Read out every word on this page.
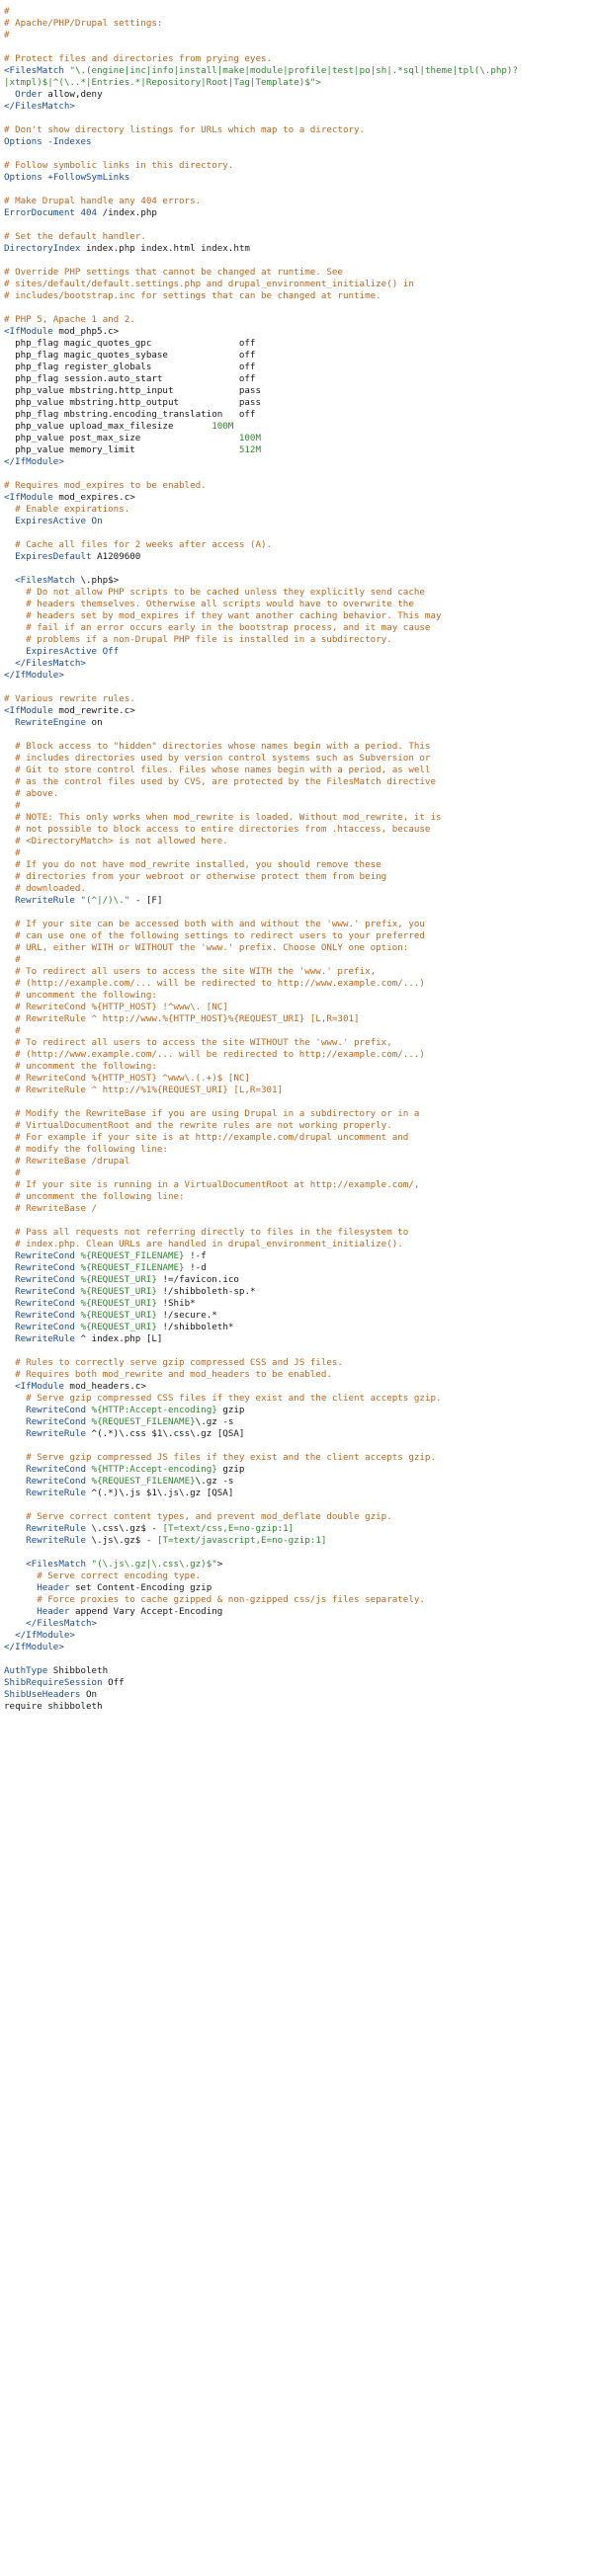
#
# Apache/PHP/Drupal settings:
#
# Protect files and directories from prying eyes.
<FilesMatch "\.(engine|inc|info|install|make|module|profile|test|po|sh|.*sql|theme|tpl(\.php)?
|xtmpl)$|^(\..*|Entries.*|Repository|Root|Tag|Template)$">
Order allow,deny
</FilesMatch>
# Don't show directory listings for URLs which map to a directory.
Options -Indexes
# Follow symbolic links in this directory.
Options +FollowSymLinks
# Make Drupal handle any 404 errors.
ErrorDocument 404 /index.php
# Set the default handler.
DirectoryIndex index.php index.html index.htm
# Override PHP settings that cannot be changed at runtime. See
# sites/default/default.settings.php and drupal_environment_initialize() in
# includes/bootstrap.inc for settings that can be changed at runtime.
# PHP 5, Apache 1 and 2.
<IfModule mod_php5.c>
php_flag magic_quotes_gpc                off
php_flag magic_quotes_sybase             off
php_flag register_globals                off
php_flag session.auto_start              off
php_value mbstring.http_input            pass
php_value mbstring.http_output           pass
php_flag mbstring.encoding_translation   off
php_value upload_max_filesize       100M
php_value post_max_size                  100M
php_value memory_limit                   512M
</IfModule>
# Requires mod_expires to be enabled.
<IfModule mod_expires.c>
# Enable expirations.
ExpiresActive On
# Cache all files for 2 weeks after access (A).
ExpiresDefault A1209600
<FilesMatch \.php$>
# Do not allow PHP scripts to be cached unless they explicitly send cache
# headers themselves. Otherwise all scripts would have to overwrite the
# headers set by mod_expires if they want another caching behavior. This may
# fail if an error occurs early in the bootstrap process, and it may cause
# problems if a non-Drupal PHP file is installed in a subdirectory.
ExpiresActive Off
</FilesMatch>
</IfModule>
# Various rewrite rules.
<IfModule mod_rewrite.c>
RewriteEngine on
# Block access to "hidden" directories whose names begin with a period. This
# includes directories used by version control systems such as Subversion or
# Git to store control files. Files whose names begin with a period, as well
# as the control files used by CVS, are protected by the FilesMatch directive
# above.
#
# NOTE: This only works when mod_rewrite is loaded. Without mod_rewrite, it is
# not possible to block access to entire directories from .htaccess, because
# <DirectoryMatch> is not allowed here.
#
# If you do not have mod_rewrite installed, you should remove these
# directories from your webroot or otherwise protect them from being
# downloaded.
RewriteRule "(^|/)\." - [F]
# If your site can be accessed both with and without the 'www.' prefix, you
# can use one of the following settings to redirect users to your preferred
# URL, either WITH or WITHOUT the 'www.' prefix. Choose ONLY one option:
#
# To redirect all users to access the site WITH the 'www.' prefix,
# (http://example.com/... will be redirected to http://www.example.com/...)
# uncomment the following:
# RewriteCond %{HTTP_HOST} !^www\. [NC]
# RewriteRule ^ http://www.%{HTTP_HOST}%{REQUEST_URI} [L,R=301]
#
# To redirect all users to access the site WITHOUT the 'www.' prefix,
# (http://www.example.com/... will be redirected to http://example.com/...)
# uncomment the following:
# RewriteCond %{HTTP_HOST} ^www\.(.+)$ [NC]
# RewriteRule ^ http://%1%{REQUEST_URI} [L,R=301]
# Modify the RewriteBase if you are using Drupal in a subdirectory or in a
# VirtualDocumentRoot and the rewrite rules are not working properly.
# For example if your site is at http://example.com/drupal uncomment and
# modify the following line:
# RewriteBase /drupal
#
# If your site is running in a VirtualDocumentRoot at http://example.com/,
# uncomment the following line:
# RewriteBase /
# Pass all requests not referring directly to files in the filesystem to
# index.php. Clean URLs are handled in drupal_environment_initialize().
RewriteCond %{REQUEST_FILENAME} !-f
RewriteCond %{REQUEST_FILENAME} !-d
RewriteCond %{REQUEST_URI} !=/favicon.ico
RewriteCond %{REQUEST_URI} !/shibboleth-sp.*
RewriteCond %{REQUEST_URI} !Shib*
RewriteCond %{REQUEST_URI} !/secure.*
RewriteCond %{REQUEST_URI} !/shibboleth*
RewriteRule ^ index.php [L]
# Rules to correctly serve gzip compressed CSS and JS files.
# Requires both mod_rewrite and mod_headers to be enabled.
<IfModule mod_headers.c>
# Serve gzip compressed CSS files if they exist and the client accepts gzip.
RewriteCond %{HTTP:Accept-encoding} gzip
RewriteCond %{REQUEST_FILENAME}\.gz -s
RewriteRule ^(.*)\.css $1\.css\.gz [QSA]
# Serve gzip compressed JS files if they exist and the client accepts gzip.
RewriteCond %{HTTP:Accept-encoding} gzip
RewriteCond %{REQUEST_FILENAME}\.gz -s
RewriteRule ^(.*)\.js $1\.js\.gz [QSA]
# Serve correct content types, and prevent mod_deflate double gzip.
RewriteRule \.css\.gz$ - [T=text/css,E=no-gzip:1]
RewriteRule \.js\.gz$ - [T=text/javascript,E=no-gzip:1]
<FilesMatch "(\.js\.gz|\.css\.gz)$">
# Serve correct encoding type.
Header set Content-Encoding gzip
# Force proxies to cache gzipped & non-gzipped css/js files separately.
Header append Vary Accept-Encoding
</FilesMatch>
</IfModule>
</IfModule>
AuthType Shibboleth
ShibRequireSession Off
ShibUseHeaders On
require shibboleth
